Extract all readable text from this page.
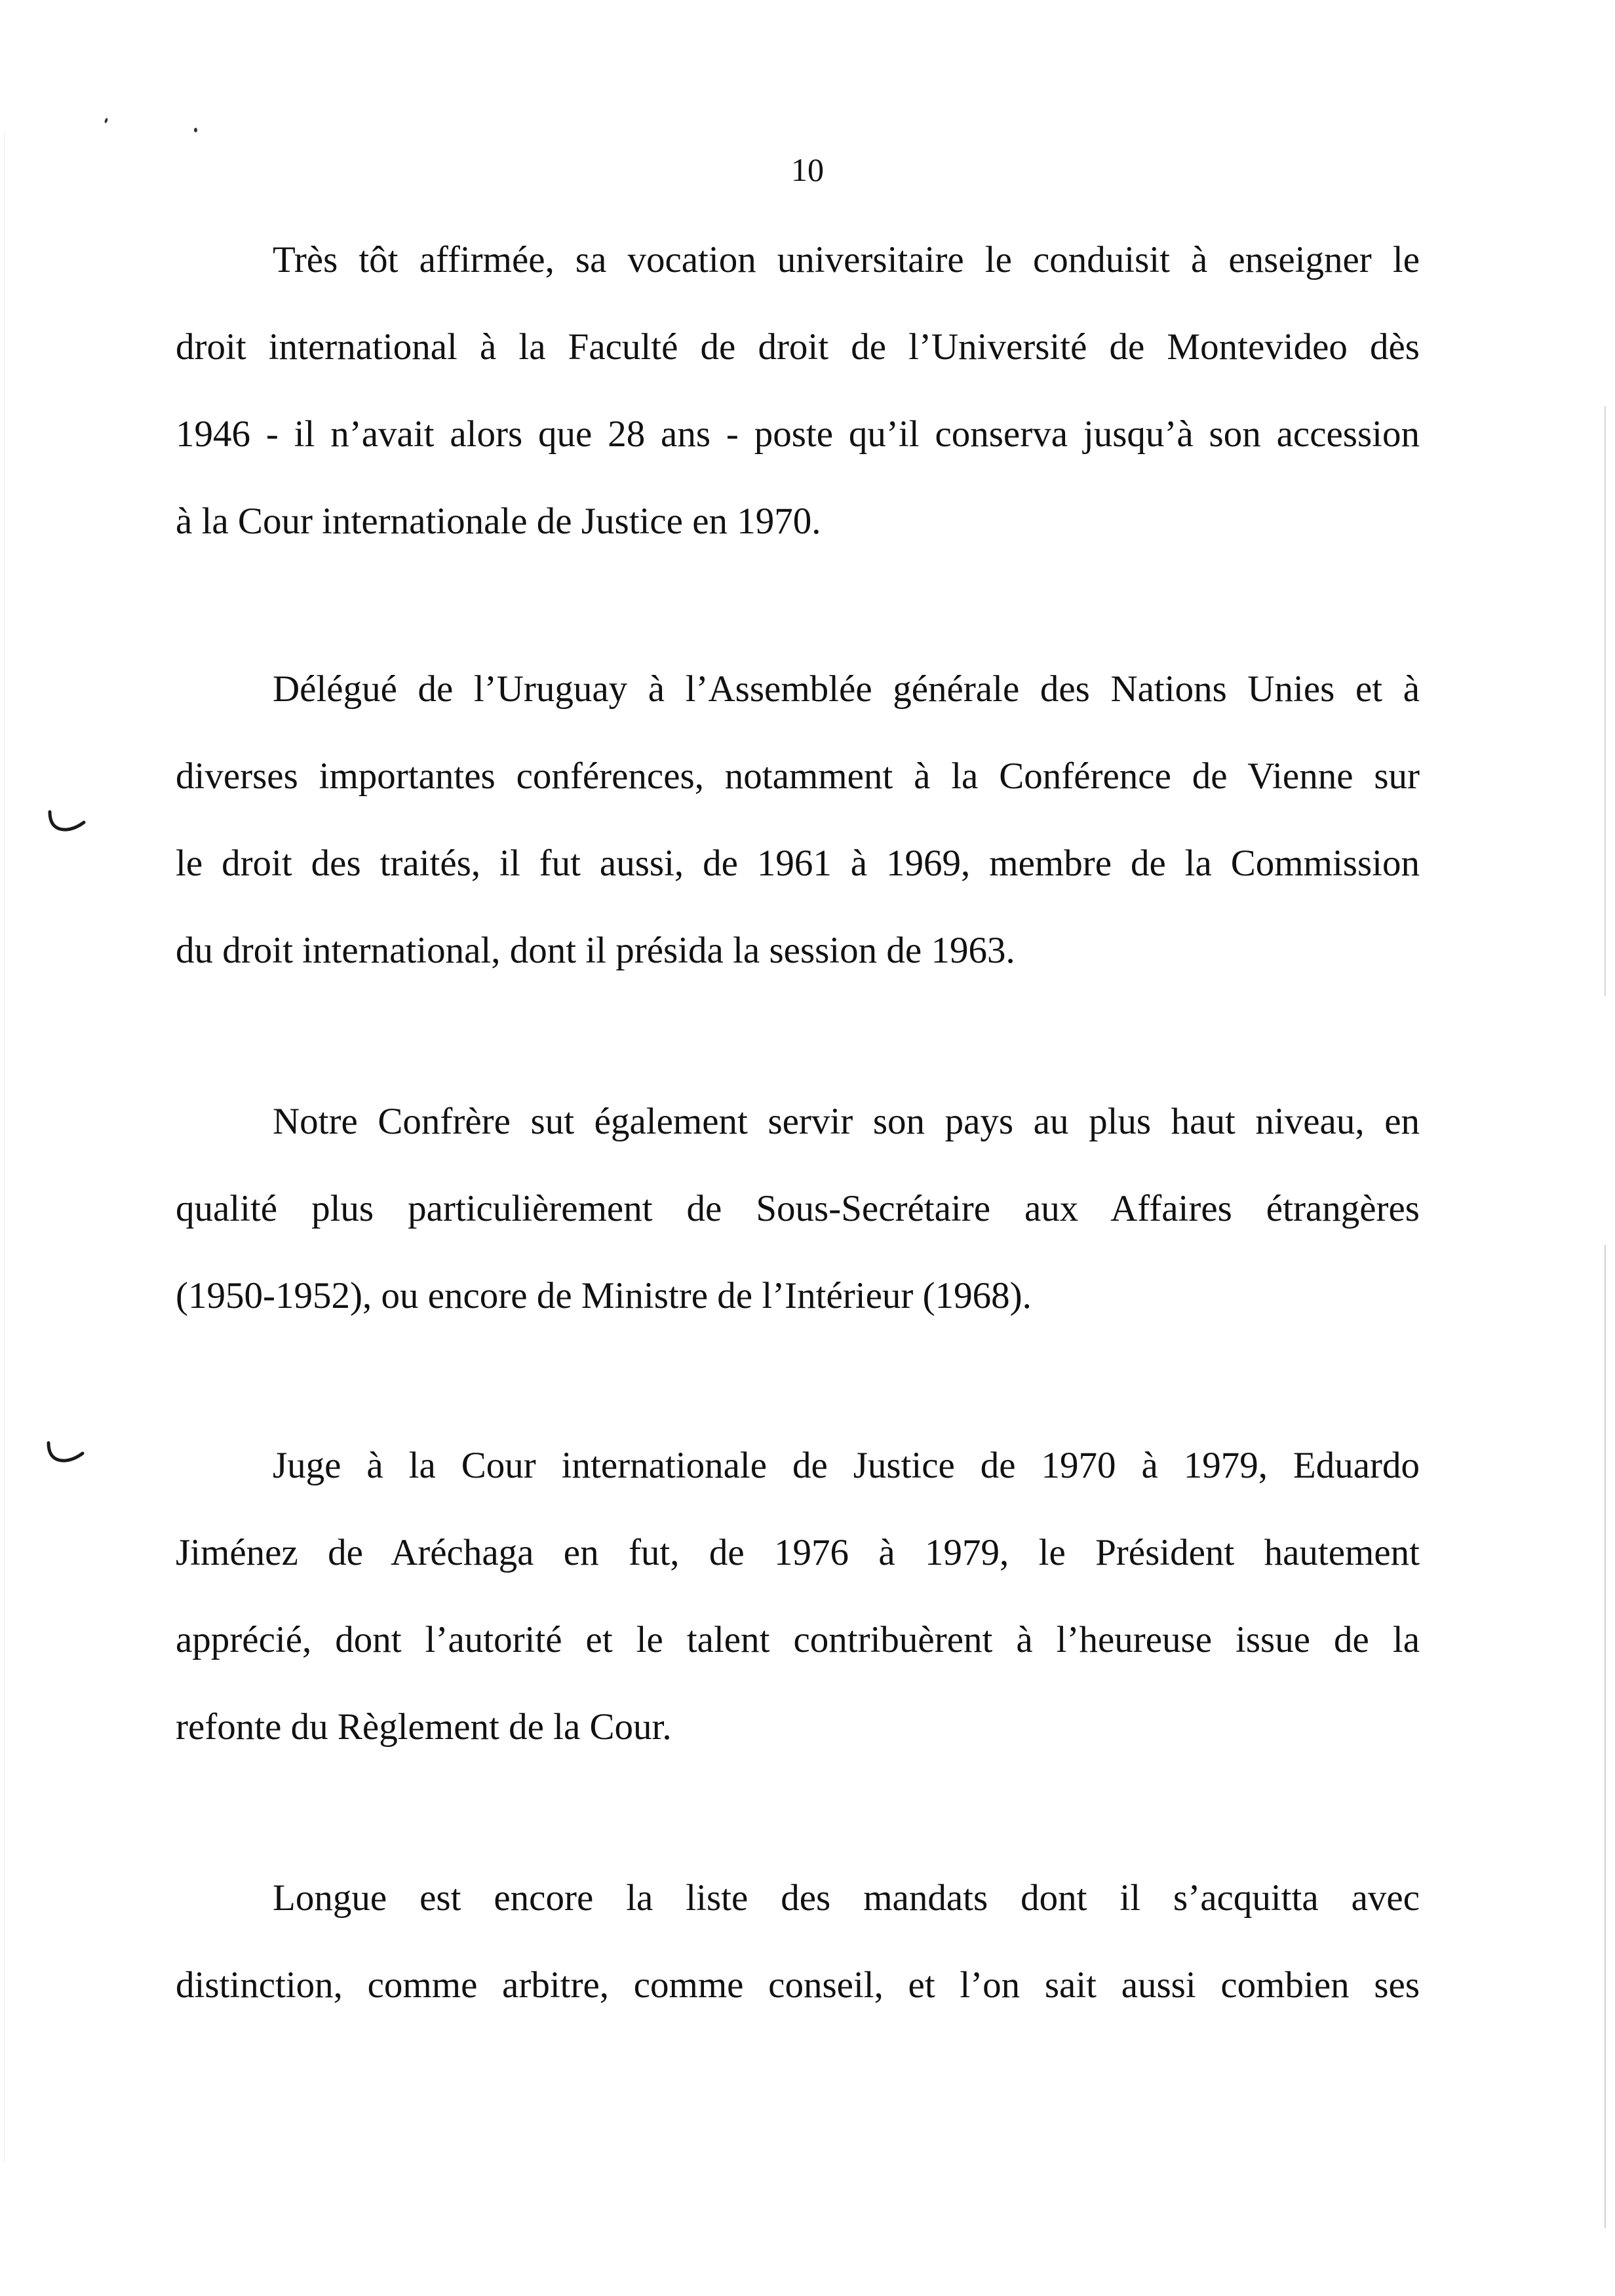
10
Très tôt affirmée, sa vocation universitaire le conduisit à enseigner le
droit international à la Faculté de droit de l’Université de Montevideo dès
1946 - il n’avait alors que 28 ans - poste qu’il conserva jusqu’à son accession
à la Cour internationale de Justice en 1970.
Délégué de l’Uruguay à l’Assemblée générale des Nations Unies et à
diverses importantes conférences, notamment à la Conférence de Vienne sur
le droit des traités, il fut aussi, de 1961 à 1969, membre de la Commission
du droit international, dont il présida la session de 1963.
Notre Confrère sut également servir son pays au plus haut niveau, en
qualité plus particulièrement de Sous-Secrétaire aux Affaires étrangères
(1950-1952), ou encore de Ministre de l’Intérieur (1968).
Juge à la Cour internationale de Justice de 1970 à 1979, Eduardo
Jiménez de Aréchaga en fut, de 1976 à 1979, le Président hautement
apprécié, dont l’autorité et le talent contribuèrent à l’heureuse issue de la
refonte du Règlement de la Cour.
Longue est encore la liste des mandats dont il s’acquitta avec
distinction, comme arbitre, comme conseil, et l’on sait aussi combien ses
